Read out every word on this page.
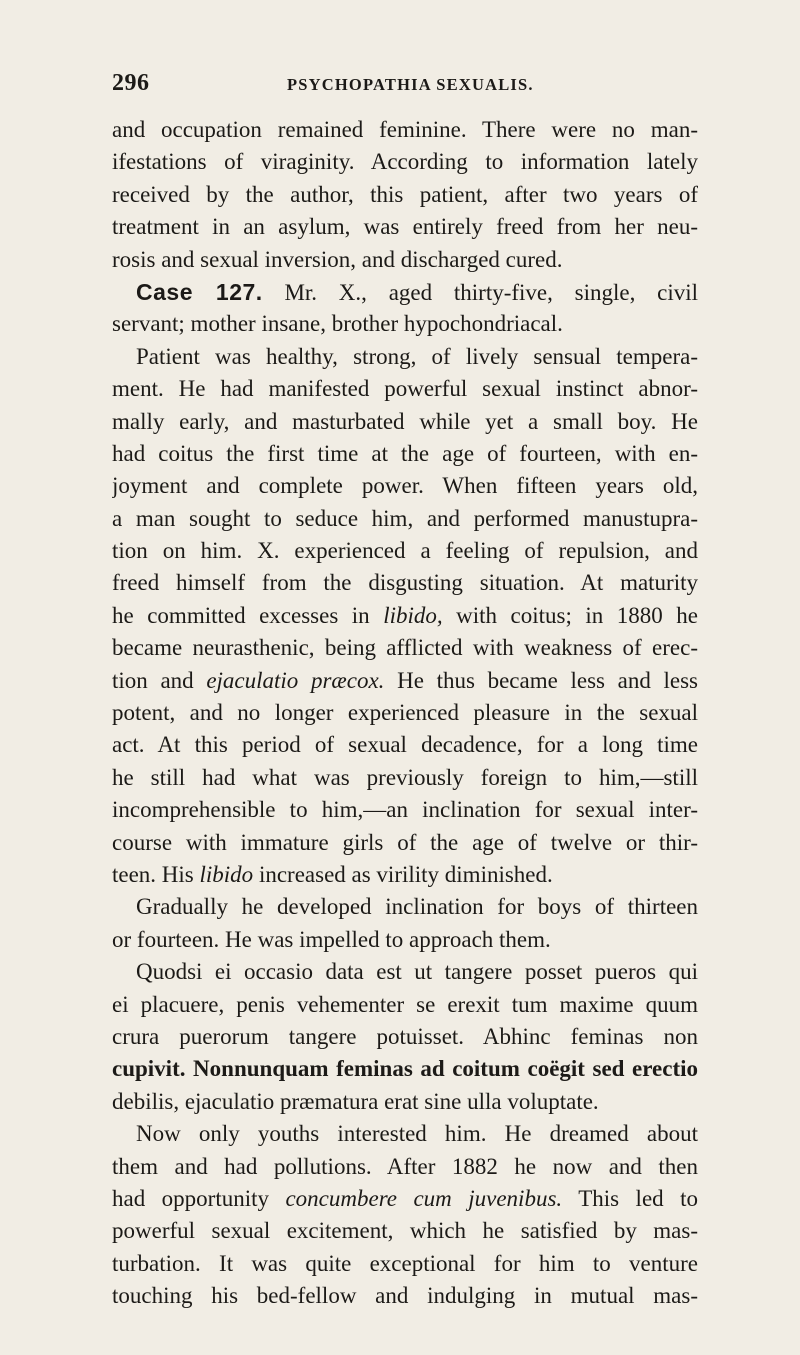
296	PSYCHOPATHIA SEXUALIS.
and occupation remained feminine. There were no man-
ifestations of viraginity. According to information lately
received by the author, this patient, after two years of
treatment in an asylum, was entirely freed from her neu-
rosis and sexual inversion, and discharged cured.
Case 127. Mr. X., aged thirty-five, single, civil
servant; mother insane, brother hypochondriacal.
Patient was healthy, strong, of lively sensual tempera-
ment. He had manifested powerful sexual instinct abnor-
mally early, and masturbated while yet a small boy. He
had coitus the first time at the age of fourteen, with en-
joyment and complete power. When fifteen years old,
a man sought to seduce him, and performed manustupra-
tion on him. X. experienced a feeling of repulsion, and
freed himself from the disgusting situation. At maturity
he committed excesses in libido, with coitus; in 1880 he
became neurasthenic, being afflicted with weakness of erec-
tion and ejaculatio præcox. He thus became less and less
potent, and no longer experienced pleasure in the sexual
act. At this period of sexual decadence, for a long time
he still had what was previously foreign to him,—still
incomprehensible to him,—an inclination for sexual inter-
course with immature girls of the age of twelve or thir-
teen. His libido increased as virility diminished.
Gradually he developed inclination for boys of thirteen
or fourteen. He was impelled to approach them.
Quodsi ei occasio data est ut tangere posset pueros qui
ei placuere, penis vehementer se erexit tum maxime quum
crura puerorum tangere potuisset. Abhinc feminas non
cupivit. Nonnunquam feminas ad coitum coëgit sed erectio
debilis, ejaculatio præmatura erat sine ulla voluptate.
Now only youths interested him. He dreamed about
them and had pollutions. After 1882 he now and then
had opportunity concumbere cum juvenibus. This led to
powerful sexual excitement, which he satisfied by mas-
turbation. It was quite exceptional for him to venture
touching his bed-fellow and indulging in mutual mas-
